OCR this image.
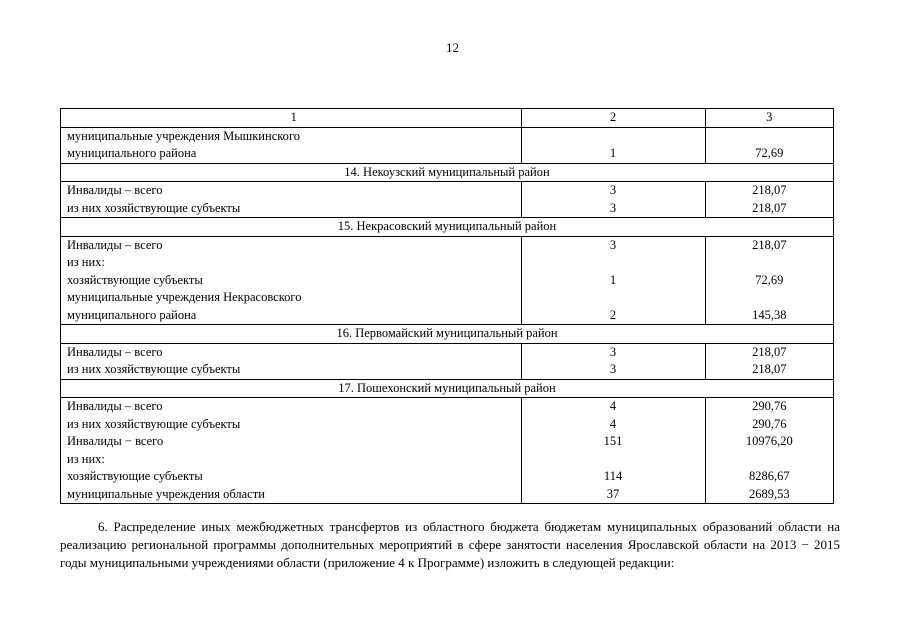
12
1	2	3
муниципальные учреждения Мышкинского		
муниципального района	1	72,69
14. Некоузский муниципальный район		
Инвалиды – всего	3	218,07
из них хозяйствующие субъекты	3	218,07
15. Некрасовский муниципальный район		
Инвалиды – всего	3	218,07
из них:		
хозяйствующие субъекты	1	72,69
муниципальные учреждения Некрасовского		
муниципального района	2	145,38
16. Первомайский муниципальный район		
Инвалиды – всего	3	218,07
из них хозяйствующие субъекты	3	218,07
17. Пошехонский муниципальный район		
Инвалиды – всего	4	290,76
из них хозяйствующие субъекты	4	290,76
Инвалиды − всего	151	10976,20
из них:		
хозяйствующие субъекты	114	8286,67
муниципальные учреждения области	37	2689,53

6. Распределение иных межбюджетных трансфертов из областного бюджета бюджетам муниципальных образований области на реализацию региональной программы дополнительных мероприятий в сфере занятости населения Ярославской области на 2013 − 2015 годы муниципальными учреждениями области (приложение 4 к Программе) изложить в следующей редакции:
